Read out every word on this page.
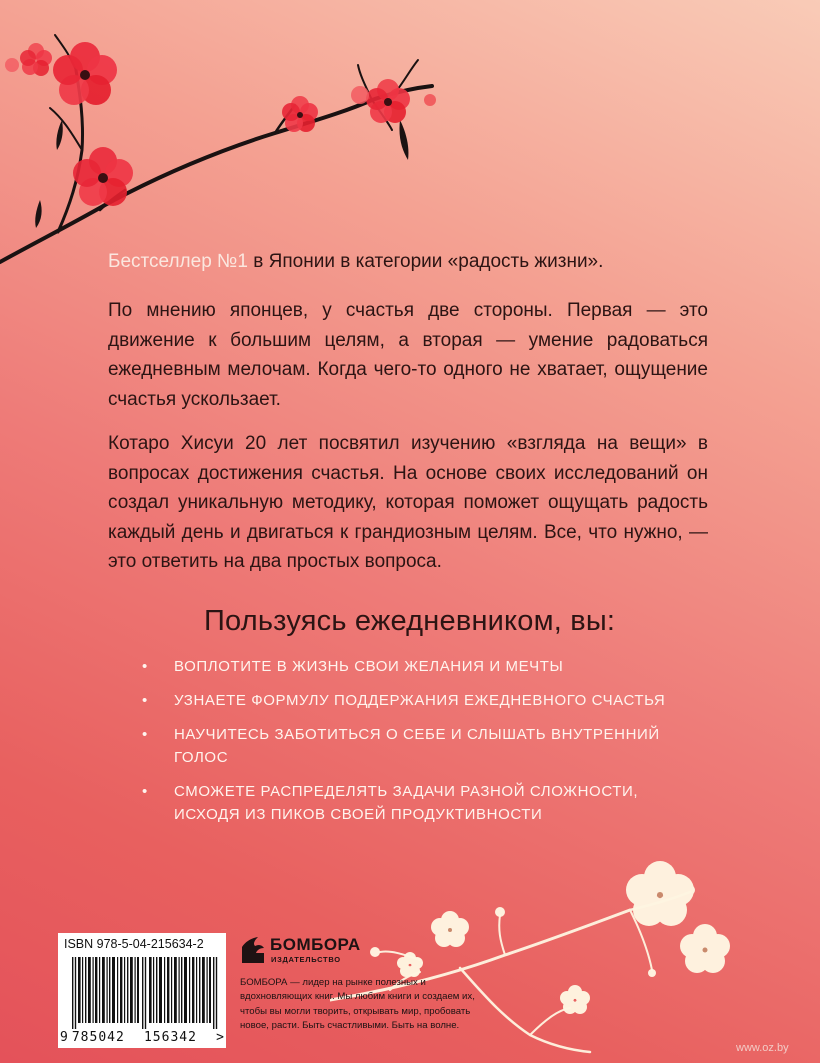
Бестселлер №1 в Японии в категории «радость жизни».

По мнению японцев, у счастья две стороны. Первая — это движение к большим целям, а вторая — умение радоваться ежедневным мелочам. Когда чего-то одного не хватает, ощущение счастья ускользает.

Котаро Хисуи 20 лет посвятил изучению «взгляда на вещи» в вопросах достижения счастья. На основе своих исследований он создал уникальную методику, которая поможет ощущать радость каждый день и двигаться к грандиозным целям. Все, что нужно, — это ответить на два простых вопроса.

Пользуясь ежедневником, вы:
• ВОПЛОТИТЕ В ЖИЗНЬ СВОИ ЖЕЛАНИЯ И МЕЧТЫ
• УЗНАЕТЕ ФОРМУЛУ ПОДДЕРЖАНИЯ ЕЖЕДНЕВНОГО СЧАСТЬЯ
• НАУЧИТЕСЬ ЗАБОТИТЬСЯ О СЕБЕ И СЛЫШАТЬ ВНУТРЕННИЙ ГОЛОС
• СМОЖЕТЕ РАСПРЕДЕЛЯТЬ ЗАДАЧИ РАЗНОЙ СЛОЖНОСТИ, ИСХОДЯ ИЗ ПИКОВ СВОЕЙ ПРОДУКТИВНОСТИ
ISBN 978-5-04-215634-2
9 785042	156342	>
БОМБОРА
ИЗДАТЕЛЬСТВО

БОМБОРА — лидер на рынке полезных и вдохновляющих книг. Мы любим книги и создаем их, чтобы вы могли творить, открывать мир, пробовать новое, расти. Быть счастливыми. Быть на волне.

www.oz.by
